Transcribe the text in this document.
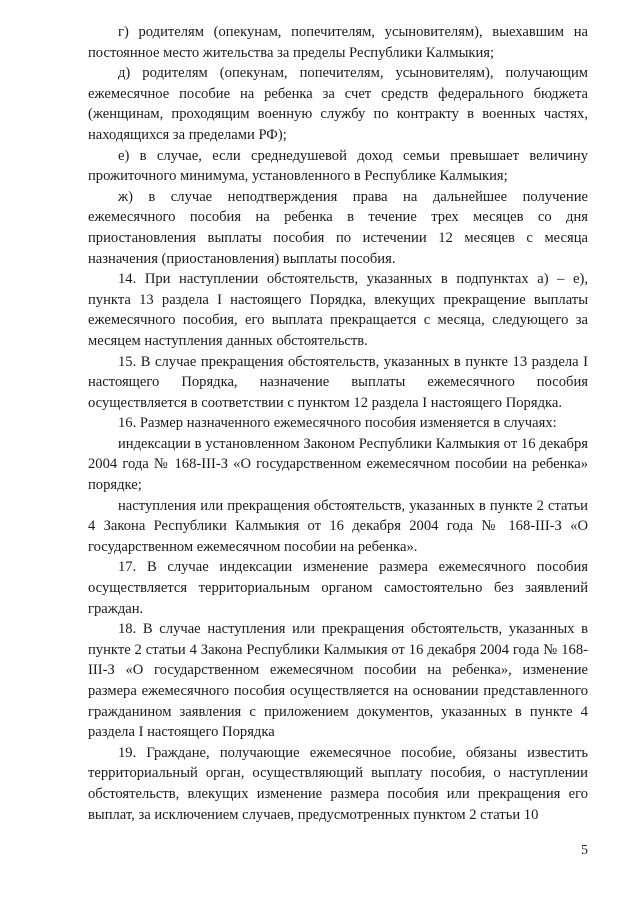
г) родителям (опекунам, попечителям, усыновителям), выехавшим на постоянное место жительства за пределы Республики Калмыкия;

д) родителям (опекунам, попечителям, усыновителям), получающим ежемесячное пособие на ребенка за счет средств федерального бюджета (женщинам, проходящим военную службу по контракту в военных частях, находящихся за пределами РФ);

е) в случае, если среднедушевой доход семьи превышает величину прожиточного минимума, установленного в Республике Калмыкия;

ж) в случае неподтверждения права на дальнейшее получение ежемесячного пособия на ребенка в течение трех месяцев со дня приостановления выплаты пособия по истечении 12 месяцев с месяца назначения (приостановления) выплаты пособия.

14. При наступлении обстоятельств, указанных в подпунктах а) – е), пункта 13 раздела I настоящего Порядка, влекущих прекращение выплаты ежемесячного пособия, его выплата прекращается с месяца, следующего за месяцем наступления данных обстоятельств.

15. В случае прекращения обстоятельств, указанных в пункте 13 раздела I настоящего Порядка, назначение выплаты ежемесячного пособия осуществляется в соответствии с пунктом 12 раздела I настоящего Порядка.

16. Размер назначенного ежемесячного пособия изменяется в случаях:

индексации в установленном Законом Республики Калмыкия от 16 декабря 2004 года № 168-III-З «О государственном ежемесячном пособии на ребенка» порядке;

наступления или прекращения обстоятельств, указанных в пункте 2 статьи 4 Закона Республики Калмыкия от 16 декабря 2004 года № 168-III-З «О государственном ежемесячном пособии на ребенка».

17. В случае индексации изменение размера ежемесячного пособия осуществляется территориальным органом самостоятельно без заявлений граждан.

18. В случае наступления или прекращения обстоятельств, указанных в пункте 2 статьи 4 Закона Республики Калмыкия от 16 декабря 2004 года № 168-III-З «О государственном ежемесячном пособии на ребенка», изменение размера ежемесячного пособия осуществляется на основании представленного гражданином заявления с приложением документов, указанных в пункте 4 раздела I настоящего Порядка

19. Граждане, получающие ежемесячное пособие, обязаны известить территориальный орган, осуществляющий выплату пособия, о наступлении обстоятельств, влекущих изменение размера пособия или прекращения его выплат, за исключением случаев, предусмотренных пунктом 2 статьи 10

5
